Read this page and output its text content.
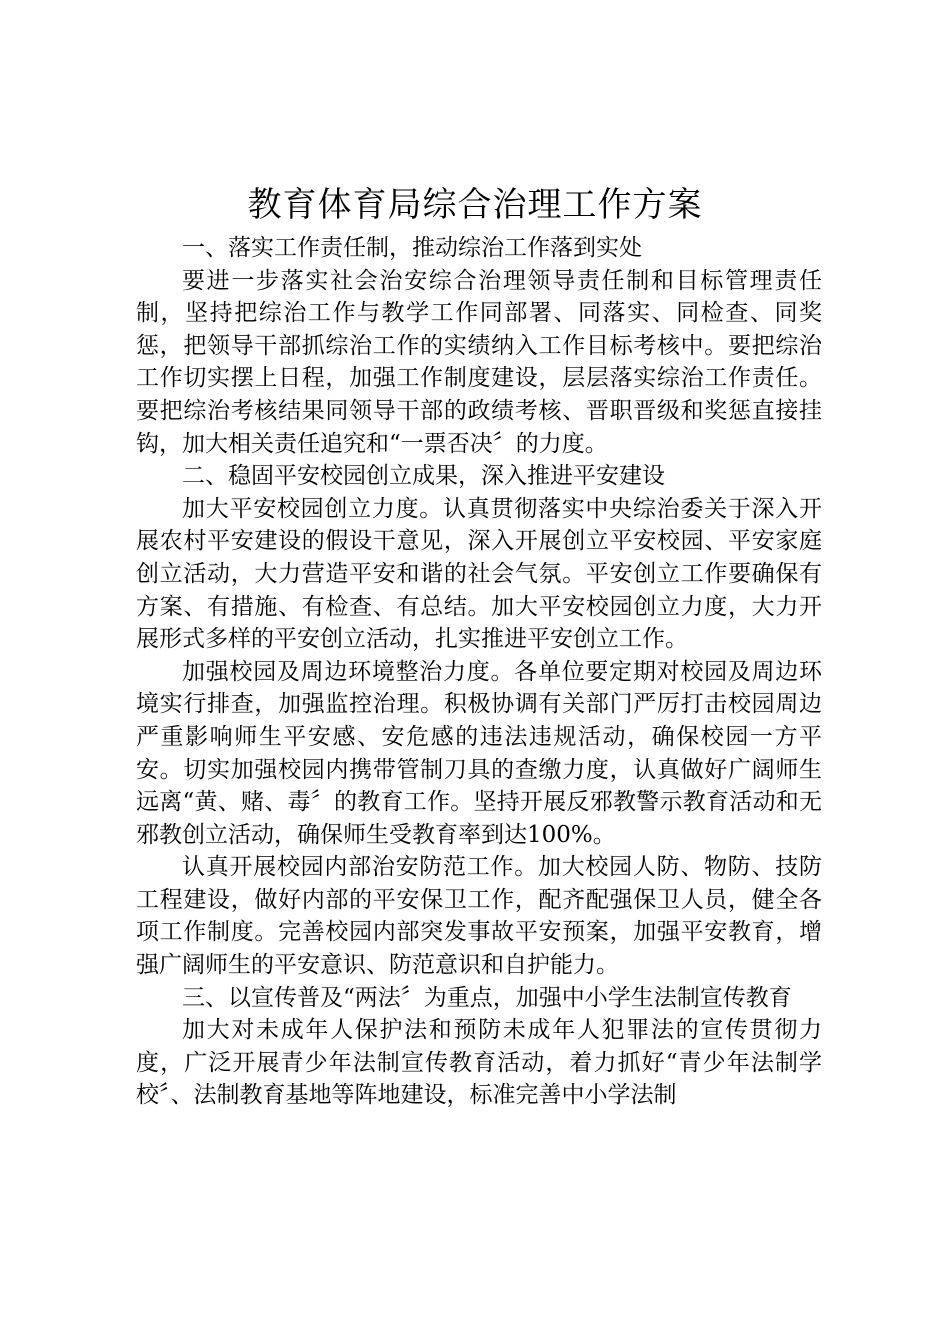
教育体育局综合治理工作方案

一、落实工作责任制，推动综治工作落到实处

要进一步落实社会治安综合治理领导责任制和目标管理责任制，坚持把综治工作与教学工作同部署、同落实、同检查、同奖惩，把领导干部抓综治工作的实绩纳入工作目标考核中。要把综治工作切实摆上日程，加强工作制度建设，层层落实综治工作责任。要把综治考核结果同领导干部的政绩考核、晋职晋级和奖惩直接挂钩，加大相关责任追究和“一票否决〞的力度。

二、稳固平安校园创立成果，深入推进平安建设

加大平安校园创立力度。认真贯彻落实中央综治委关于深入开展农村平安建设的假设干意见，深入开展创立平安校园、平安家庭创立活动，大力营造平安和谐的社会气氛。平安创立工作要确保有方案、有措施、有检查、有总结。加大平安校园创立力度，大力开展形式多样的平安创立活动，扎实推进平安创立工作。

加强校园及周边环境整治力度。各单位要定期对校园及周边环境实行排查，加强监控治理。积极协调有关部门严厉打击校园周边严重影响师生平安感、安危感的违法违规活动，确保校园一方平安。切实加强校园内携带管制刀具的查缴力度，认真做好广阔师生远离“黄、赌、毒〞的教育工作。坚持开展反邪教警示教育活动和无邪教创立活动，确保师生受教育率到达100%。

认真开展校园内部治安防范工作。加大校园人防、物防、技防工程建设，做好内部的平安保卫工作，配齐配强保卫人员，健全各项工作制度。完善校园内部突发事故平安预案，加强平安教育，增强广阔师生的平安意识、防范意识和自护能力。

三、以宣传普及“两法〞为重点，加强中小学生法制宣传教育

加大对未成年人保护法和预防未成年人犯罪法的宣传贯彻力度，广泛开展青少年法制宣传教育活动，着力抓好“青少年法制学校〞、法制教育基地等阵地建设，标准完善中小学法制
